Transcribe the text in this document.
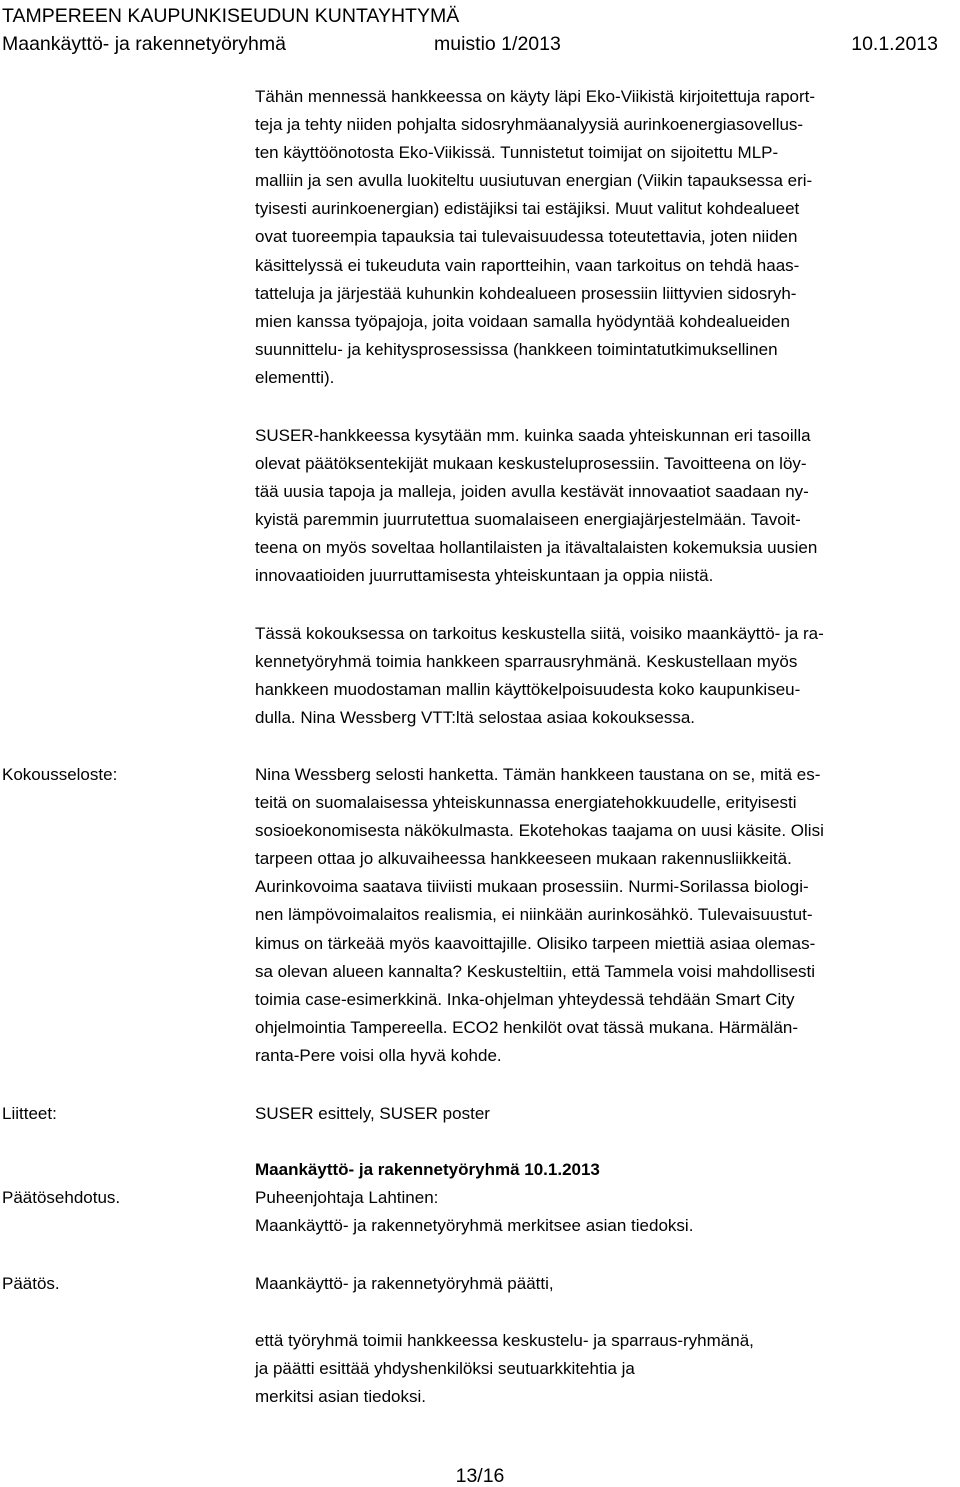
TAMPEREEN KAUPUNKISEUDUN KUNTAYHTYMÄ
Maankäyttö- ja rakennetyöryhmä	muistio 1/2013	10.1.2013

Tähän mennessä hankkeessa on käyty läpi Eko-Viikistä kirjoitettuja raport-
teja ja tehty niiden pohjalta sidosryhmäanalyysiä aurinkoenergiasovellus-
ten käyttöönotosta Eko-Viikissä. Tunnistetut toimijat on sijoitettu MLP-
malliin ja sen avulla luokiteltu uusiutuvan energian (Viikin tapauksessa eri-
tyisesti aurinkoenergian) edistäjiksi tai estäjiksi. Muut valitut kohdealueet
ovat tuoreempia tapauksia tai tulevaisuudessa toteutettavia, joten niiden
käsittelyssä ei tukeuduta vain raportteihin, vaan tarkoitus on tehdä haas-
tatteluja ja järjestää kuhunkin kohdealueen prosessiin liittyvien sidosryh-
mien kanssa työpajoja, joita voidaan samalla hyödyntää kohdealueiden
suunnittelu- ja kehitysprosessissa (hankkeen toimintatutkimuksellinen
elementti).

SUSER-hankkeessa kysytään mm. kuinka saada yhteiskunnan eri tasoilla
olevat päätöksentekijät mukaan keskusteluprosessiin. Tavoitteena on löy-
tää uusia tapoja ja malleja, joiden avulla kestävät innovaatiot saadaan ny-
kyistä paremmin juurrutettua suomalaiseen energiajärjestelmään. Tavoit-
teena on myös soveltaa hollantilaisten ja itävaltalaisten kokemuksia uusien
innovaatioiden juurruttamisesta yhteiskuntaan ja oppia niistä.

Tässä kokouksessa on tarkoitus keskustella siitä, voisiko maankäyttö- ja ra-
kennetyöryhmä toimia hankkeen sparrausryhmänä. Keskustellaan myös
hankkeen muodostaman mallin käyttökelpoisuudesta koko kaupunkiseu-
dulla. Nina Wessberg VTT:ltä selostaa asiaa kokouksessa.

Kokousseloste:	Nina Wessberg selosti hanketta. Tämän hankkeen taustana on se, mitä es-
teitä on suomalaisessa yhteiskunnassa energiatehokkuudelle, erityisesti
sosioekonomisesta näkökulmasta. Ekotehokas taajama on uusi käsite. Olisi
tarpeen ottaa jo alkuvaiheessa hankkeeseen mukaan rakennusliikkeitä.
Aurinkovoima saatava tiiviisti mukaan prosessiin. Nurmi-Sorilassa biologi-
nen lämpövoimalaitos realismia, ei niinkään aurinkosähkö. Tulevaisuustut-
kimus on tärkeää myös kaavoittajille. Olisiko tarpeen miettiä asiaa olemas-
sa olevan alueen kannalta? Keskusteltiin, että Tammela voisi mahdollisesti
toimia case-esimerkkinä. Inka-ohjelman yhteydessä tehdään Smart City
ohjelmointia Tampereella. ECO2 henkilöt ovat tässä mukana. Härmälän-
ranta-Pere voisi olla hyvä kohde.

Liitteet:	SUSER esittely, SUSER poster

Maankäyttö- ja rakennetyöryhmä 10.1.2013

Päätösehdotus.	Puheenjohtaja Lahtinen:

Maankäyttö- ja rakennetyöryhmä merkitsee asian tiedoksi.

Päätös.	Maankäyttö- ja rakennetyöryhmä päätti,

että työryhmä toimii hankkeessa keskustelu- ja sparraus-ryhmänä,
ja päätti esittää yhdyshenkilöksi seutuarkkitehtia ja
merkitsi asian tiedoksi.

13/16
